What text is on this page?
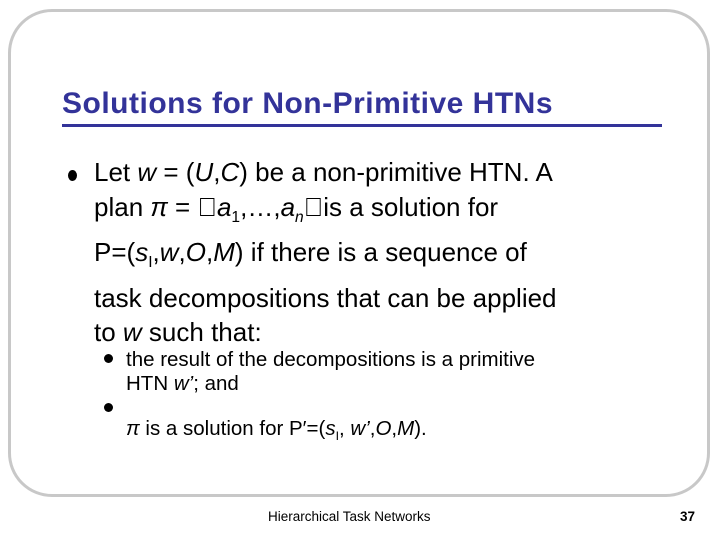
Solutions for Non-Primitive HTNs
Let w = (U,C) be a non-primitive HTN. A
plan $\pi =  a_1,\dots,a_n is$ a solution for
$P=(s_I,w,O,M)$ if there is a sequence of
task decompositions that can be applied
to w such that:
the result of the decompositions is a primitive
HTN w’; and
π is a solution for $P'=(s_I$, w’,O,M).
Hierarchical Task Networks	37
